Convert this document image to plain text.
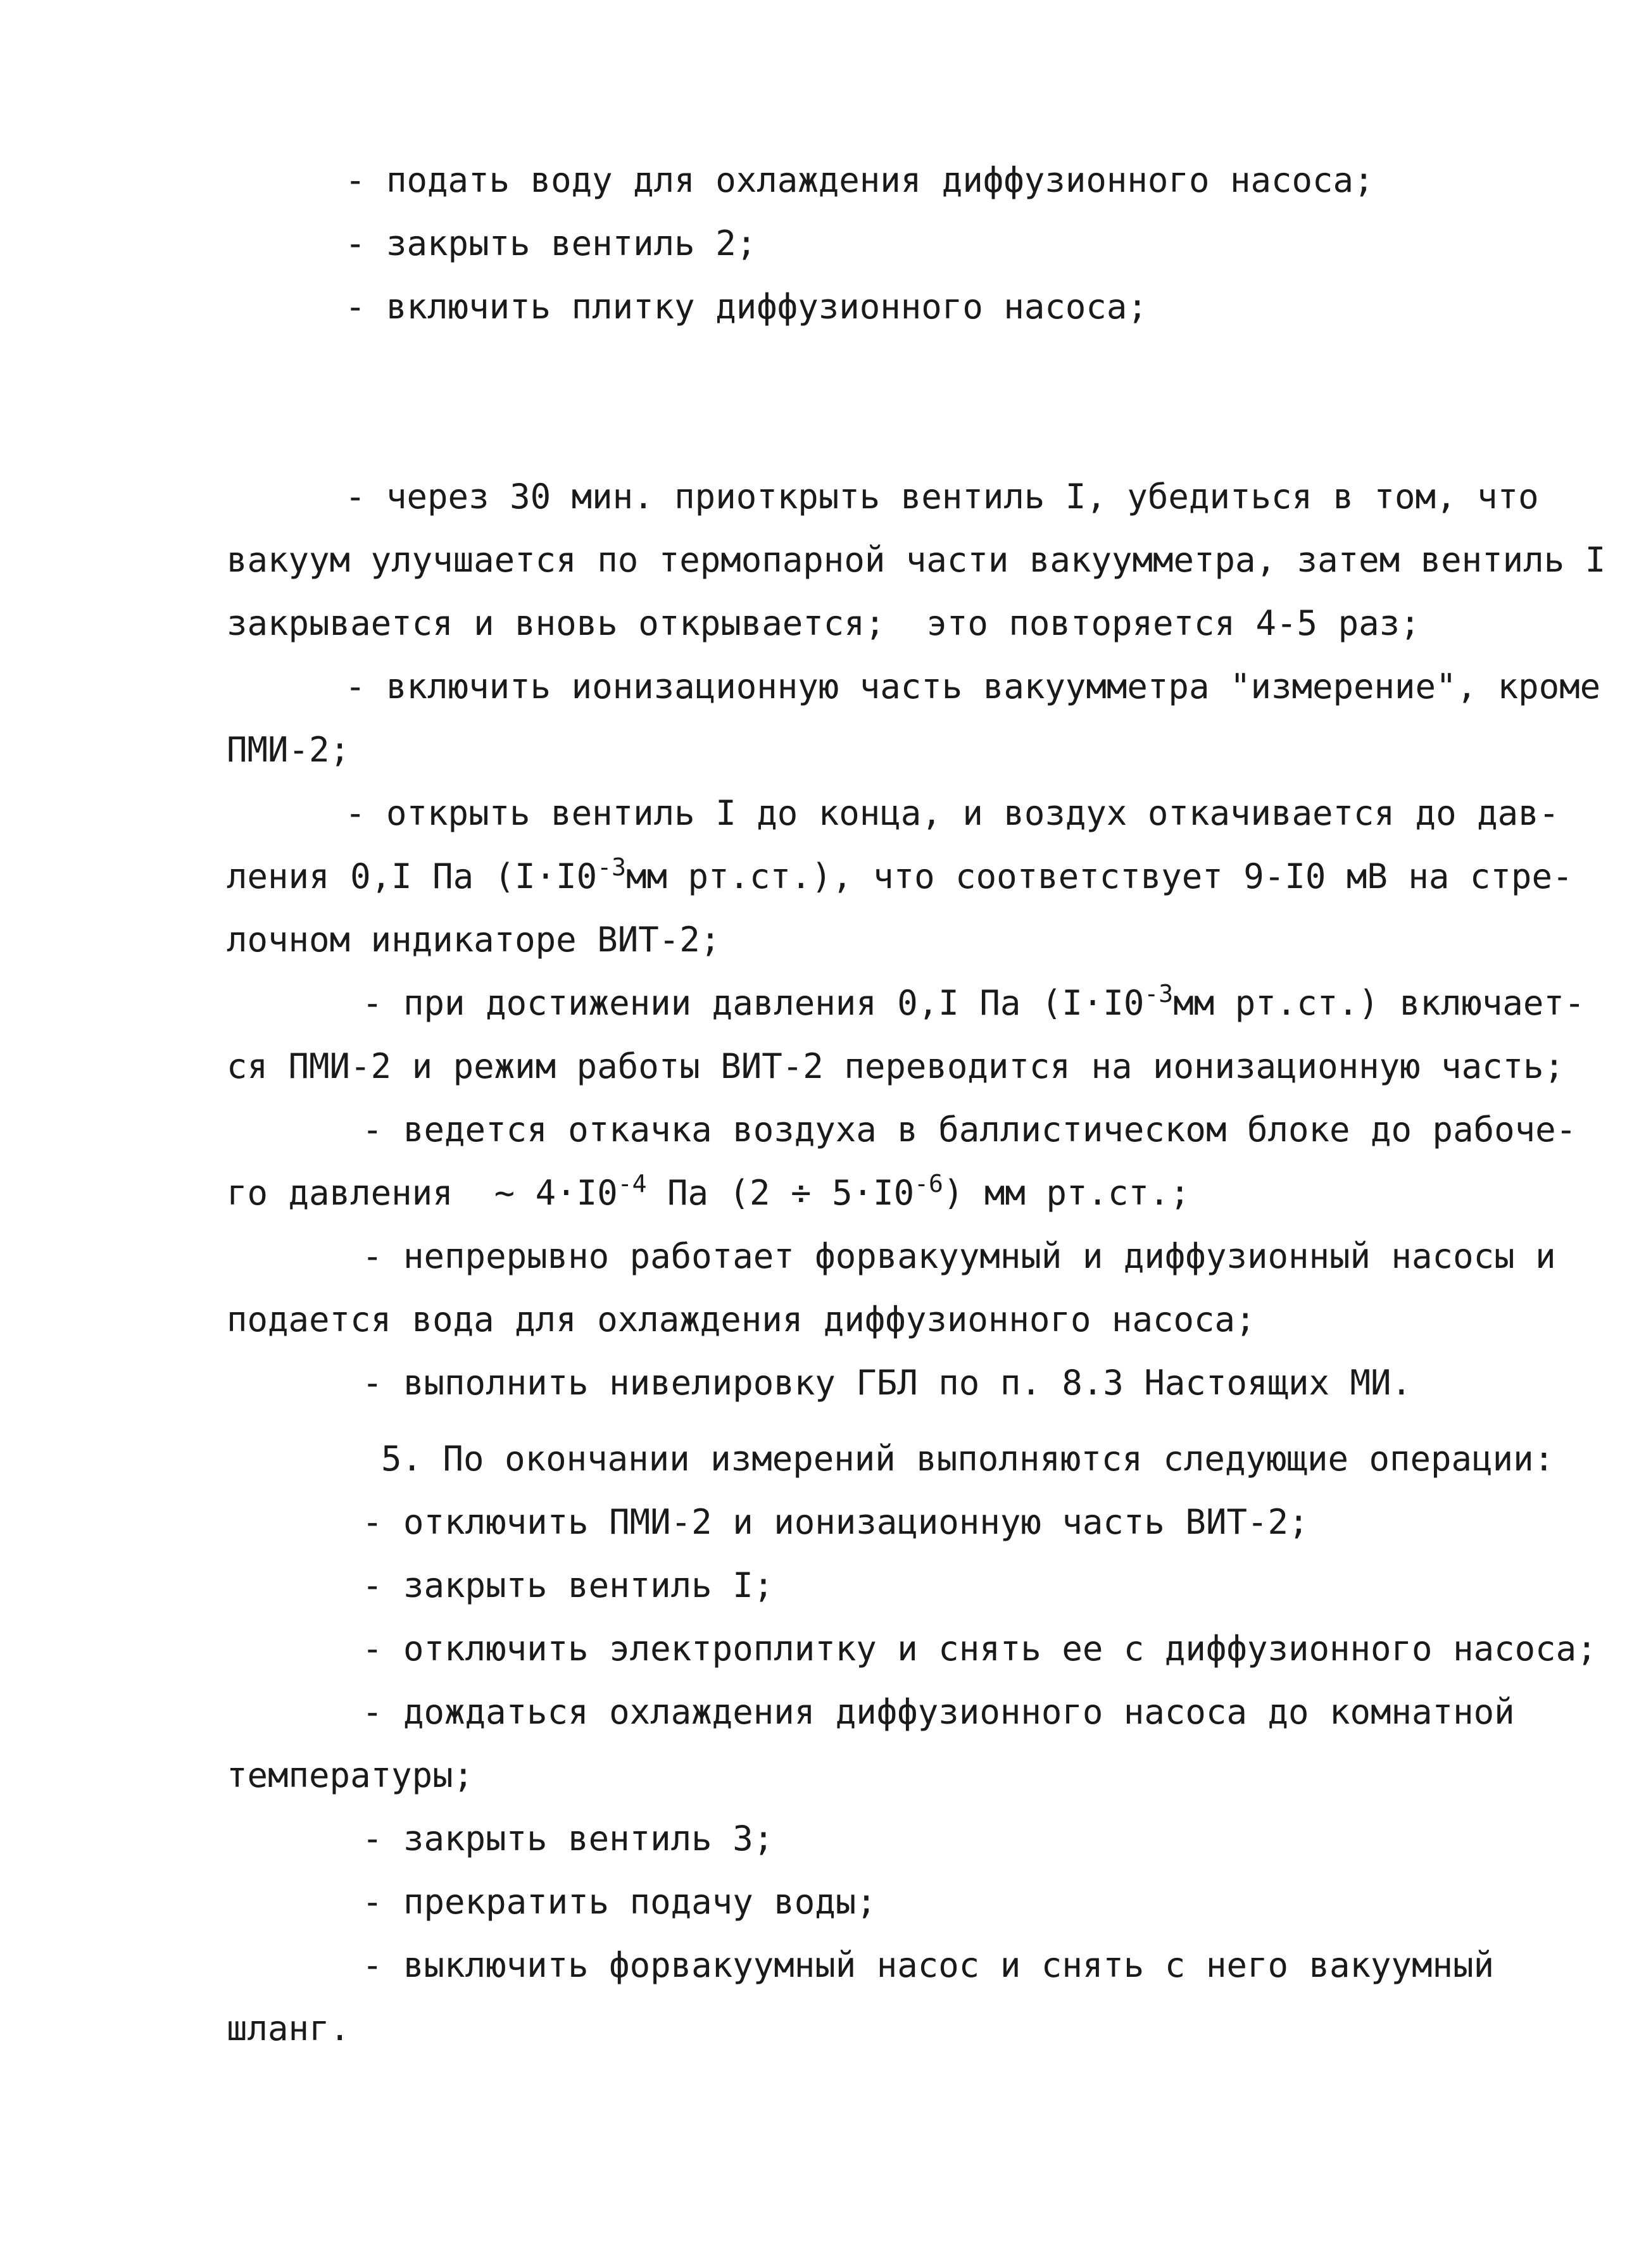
- подать воду для охлаждения диффузионного насоса;

- закрыть вентиль 2;

- включить плитку диффузионного насоса;

- через 30 мин. приоткрыть вентиль I, убедиться в том, что

вакуум улучшается по термопарной части вакуумметра, затем вентиль I

закрывается и вновь открывается;  это повторяется 4-5 раз;

- включить ионизационную часть вакуумметра "измерение", кроме

ПМИ-2;

- открыть вентиль I до конца, и воздух откачивается до дав-

ления 0,I Па ($I\cdot I0^{-3}мм$ рт.ст.), что соответствует 9-I0 мВ на стре-

лочном индикаторе ВИТ-2;

- при достижении давления 0,I Па ($I\cdot I0^{-3}мм$ рт.ст.) включает-

ся ПМИ-2 и режим работы ВИТ-2 переводится на ионизационную часть;

- ведется откачка воздуха в баллистическом блоке до рабоче-

го давления  ~ $4\cdot I0^{-4}$ Па $(2 \div 5\cdot I0^{-6})$ мм рт.ст.;

- непрерывно работает форвакуумный и диффузионный насосы и

подается вода для охлаждения диффузионного насоса;

- выполнить нивелировку ГБЛ по п. 8.3 Настоящих МИ.

5. По окончании измерений выполняются следующие операции:

- отключить ПМИ-2 и ионизационную часть ВИТ-2;

- закрыть вентиль I;

- отключить электроплитку и снять ее с диффузионного насоса;

- дождаться охлаждения диффузионного насоса до комнатной

температуры;

- закрыть вентиль 3;

- прекратить подачу воды;

- выключить форвакуумный насос и снять с него вакуумный

шланг.
